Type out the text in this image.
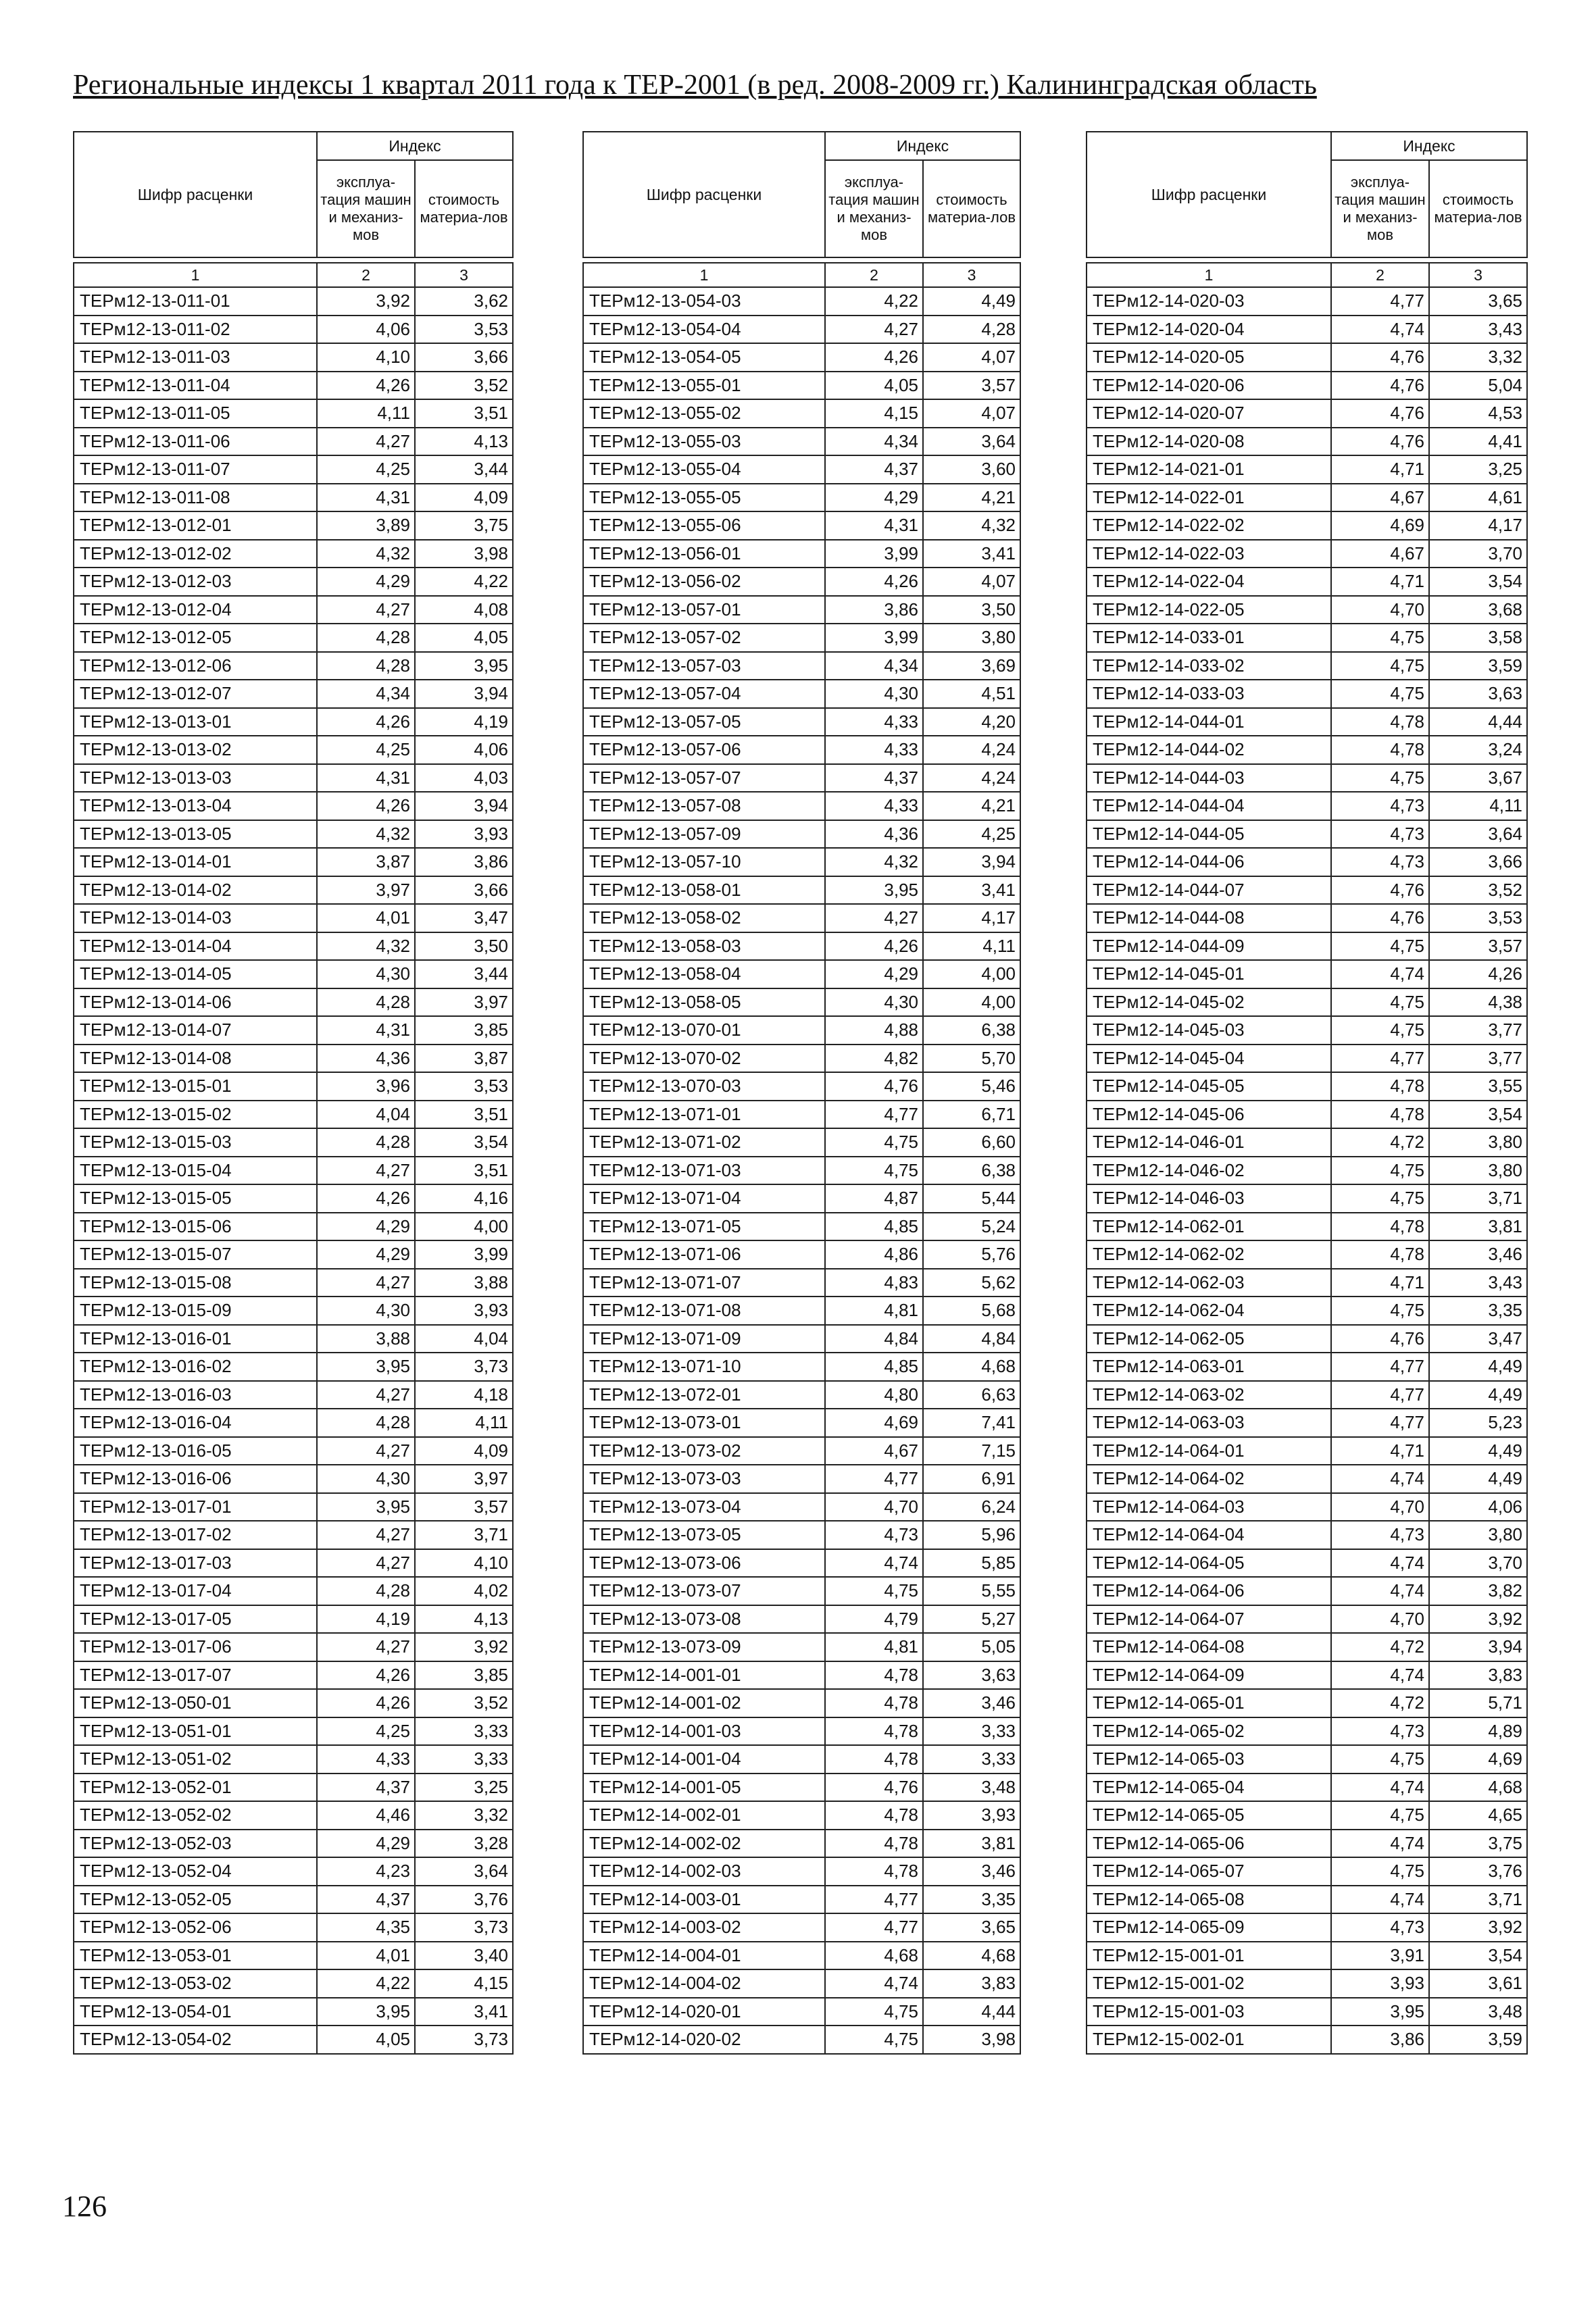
Региональные индексы 1 квартал 2011 года к ТЕР-2001 (в ред. 2008-2009 гг.) Калининградская область
Шифр расценки	Индекс	
	эксплуа-тация машин и механиз-мов	стоимость материа-лов

1	2	3
ТЕРм12-13-011-01	3,92	3,62
ТЕРм12-13-011-02	4,06	3,53
ТЕРм12-13-011-03	4,10	3,66
ТЕРм12-13-011-04	4,26	3,52
ТЕРм12-13-011-05	4,11	3,51
ТЕРм12-13-011-06	4,27	4,13
ТЕРм12-13-011-07	4,25	3,44
ТЕРм12-13-011-08	4,31	4,09
ТЕРм12-13-012-01	3,89	3,75
ТЕРм12-13-012-02	4,32	3,98
ТЕРм12-13-012-03	4,29	4,22
ТЕРм12-13-012-04	4,27	4,08
ТЕРм12-13-012-05	4,28	4,05
ТЕРм12-13-012-06	4,28	3,95
ТЕРм12-13-012-07	4,34	3,94
ТЕРм12-13-013-01	4,26	4,19
ТЕРм12-13-013-02	4,25	4,06
ТЕРм12-13-013-03	4,31	4,03
ТЕРм12-13-013-04	4,26	3,94
ТЕРм12-13-013-05	4,32	3,93
ТЕРм12-13-014-01	3,87	3,86
ТЕРм12-13-014-02	3,97	3,66
ТЕРм12-13-014-03	4,01	3,47
ТЕРм12-13-014-04	4,32	3,50
ТЕРм12-13-014-05	4,30	3,44
ТЕРм12-13-014-06	4,28	3,97
ТЕРм12-13-014-07	4,31	3,85
ТЕРм12-13-014-08	4,36	3,87
ТЕРм12-13-015-01	3,96	3,53
ТЕРм12-13-015-02	4,04	3,51
ТЕРм12-13-015-03	4,28	3,54
ТЕРм12-13-015-04	4,27	3,51
ТЕРм12-13-015-05	4,26	4,16
ТЕРм12-13-015-06	4,29	4,00
ТЕРм12-13-015-07	4,29	3,99
ТЕРм12-13-015-08	4,27	3,88
ТЕРм12-13-015-09	4,30	3,93
ТЕРм12-13-016-01	3,88	4,04
ТЕРм12-13-016-02	3,95	3,73
ТЕРм12-13-016-03	4,27	4,18
ТЕРм12-13-016-04	4,28	4,11
ТЕРм12-13-016-05	4,27	4,09
ТЕРм12-13-016-06	4,30	3,97
ТЕРм12-13-017-01	3,95	3,57
ТЕРм12-13-017-02	4,27	3,71
ТЕРм12-13-017-03	4,27	4,10
ТЕРм12-13-017-04	4,28	4,02
ТЕРм12-13-017-05	4,19	4,13
ТЕРм12-13-017-06	4,27	3,92
ТЕРм12-13-017-07	4,26	3,85
ТЕРм12-13-050-01	4,26	3,52
ТЕРм12-13-051-01	4,25	3,33
ТЕРм12-13-051-02	4,33	3,33
ТЕРм12-13-052-01	4,37	3,25
ТЕРм12-13-052-02	4,46	3,32
ТЕРм12-13-052-03	4,29	3,28
ТЕРм12-13-052-04	4,23	3,64
ТЕРм12-13-052-05	4,37	3,76
ТЕРм12-13-052-06	4,35	3,73
ТЕРм12-13-053-01	4,01	3,40
ТЕРм12-13-053-02	4,22	4,15
ТЕРм12-13-054-01	3,95	3,41
ТЕРм12-13-054-02	4,05	3,73
Шифр расценки	Индекс	
	эксплуа-тация машин и механиз-мов	стоимость материа-лов

1	2	3
ТЕРм12-13-054-03	4,22	4,49
ТЕРм12-13-054-04	4,27	4,28
ТЕРм12-13-054-05	4,26	4,07
ТЕРм12-13-055-01	4,05	3,57
ТЕРм12-13-055-02	4,15	4,07
ТЕРм12-13-055-03	4,34	3,64
ТЕРм12-13-055-04	4,37	3,60
ТЕРм12-13-055-05	4,29	4,21
ТЕРм12-13-055-06	4,31	4,32
ТЕРм12-13-056-01	3,99	3,41
ТЕРм12-13-056-02	4,26	4,07
ТЕРм12-13-057-01	3,86	3,50
ТЕРм12-13-057-02	3,99	3,80
ТЕРм12-13-057-03	4,34	3,69
ТЕРм12-13-057-04	4,30	4,51
ТЕРм12-13-057-05	4,33	4,20
ТЕРм12-13-057-06	4,33	4,24
ТЕРм12-13-057-07	4,37	4,24
ТЕРм12-13-057-08	4,33	4,21
ТЕРм12-13-057-09	4,36	4,25
ТЕРм12-13-057-10	4,32	3,94
ТЕРм12-13-058-01	3,95	3,41
ТЕРм12-13-058-02	4,27	4,17
ТЕРм12-13-058-03	4,26	4,11
ТЕРм12-13-058-04	4,29	4,00
ТЕРм12-13-058-05	4,30	4,00
ТЕРм12-13-070-01	4,88	6,38
ТЕРм12-13-070-02	4,82	5,70
ТЕРм12-13-070-03	4,76	5,46
ТЕРм12-13-071-01	4,77	6,71
ТЕРм12-13-071-02	4,75	6,60
ТЕРм12-13-071-03	4,75	6,38
ТЕРм12-13-071-04	4,87	5,44
ТЕРм12-13-071-05	4,85	5,24
ТЕРм12-13-071-06	4,86	5,76
ТЕРм12-13-071-07	4,83	5,62
ТЕРм12-13-071-08	4,81	5,68
ТЕРм12-13-071-09	4,84	4,84
ТЕРм12-13-071-10	4,85	4,68
ТЕРм12-13-072-01	4,80	6,63
ТЕРм12-13-073-01	4,69	7,41
ТЕРм12-13-073-02	4,67	7,15
ТЕРм12-13-073-03	4,77	6,91
ТЕРм12-13-073-04	4,70	6,24
ТЕРм12-13-073-05	4,73	5,96
ТЕРм12-13-073-06	4,74	5,85
ТЕРм12-13-073-07	4,75	5,55
ТЕРм12-13-073-08	4,79	5,27
ТЕРм12-13-073-09	4,81	5,05
ТЕРм12-14-001-01	4,78	3,63
ТЕРм12-14-001-02	4,78	3,46
ТЕРм12-14-001-03	4,78	3,33
ТЕРм12-14-001-04	4,78	3,33
ТЕРм12-14-001-05	4,76	3,48
ТЕРм12-14-002-01	4,78	3,93
ТЕРм12-14-002-02	4,78	3,81
ТЕРм12-14-002-03	4,78	3,46
ТЕРм12-14-003-01	4,77	3,35
ТЕРм12-14-003-02	4,77	3,65
ТЕРм12-14-004-01	4,68	4,68
ТЕРм12-14-004-02	4,74	3,83
ТЕРм12-14-020-01	4,75	4,44
ТЕРм12-14-020-02	4,75	3,98
Шифр расценки	Индекс	
	эксплуа-тация машин и механиз-мов	стоимость материа-лов

1	2	3
ТЕРм12-14-020-03	4,77	3,65
ТЕРм12-14-020-04	4,74	3,43
ТЕРм12-14-020-05	4,76	3,32
ТЕРм12-14-020-06	4,76	5,04
ТЕРм12-14-020-07	4,76	4,53
ТЕРм12-14-020-08	4,76	4,41
ТЕРм12-14-021-01	4,71	3,25
ТЕРм12-14-022-01	4,67	4,61
ТЕРм12-14-022-02	4,69	4,17
ТЕРм12-14-022-03	4,67	3,70
ТЕРм12-14-022-04	4,71	3,54
ТЕРм12-14-022-05	4,70	3,68
ТЕРм12-14-033-01	4,75	3,58
ТЕРм12-14-033-02	4,75	3,59
ТЕРм12-14-033-03	4,75	3,63
ТЕРм12-14-044-01	4,78	4,44
ТЕРм12-14-044-02	4,78	3,24
ТЕРм12-14-044-03	4,75	3,67
ТЕРм12-14-044-04	4,73	4,11
ТЕРм12-14-044-05	4,73	3,64
ТЕРм12-14-044-06	4,73	3,66
ТЕРм12-14-044-07	4,76	3,52
ТЕРм12-14-044-08	4,76	3,53
ТЕРм12-14-044-09	4,75	3,57
ТЕРм12-14-045-01	4,74	4,26
ТЕРм12-14-045-02	4,75	4,38
ТЕРм12-14-045-03	4,75	3,77
ТЕРм12-14-045-04	4,77	3,77
ТЕРм12-14-045-05	4,78	3,55
ТЕРм12-14-045-06	4,78	3,54
ТЕРм12-14-046-01	4,72	3,80
ТЕРм12-14-046-02	4,75	3,80
ТЕРм12-14-046-03	4,75	3,71
ТЕРм12-14-062-01	4,78	3,81
ТЕРм12-14-062-02	4,78	3,46
ТЕРм12-14-062-03	4,71	3,43
ТЕРм12-14-062-04	4,75	3,35
ТЕРм12-14-062-05	4,76	3,47
ТЕРм12-14-063-01	4,77	4,49
ТЕРм12-14-063-02	4,77	4,49
ТЕРм12-14-063-03	4,77	5,23
ТЕРм12-14-064-01	4,71	4,49
ТЕРм12-14-064-02	4,74	4,49
ТЕРм12-14-064-03	4,70	4,06
ТЕРм12-14-064-04	4,73	3,80
ТЕРм12-14-064-05	4,74	3,70
ТЕРм12-14-064-06	4,74	3,82
ТЕРм12-14-064-07	4,70	3,92
ТЕРм12-14-064-08	4,72	3,94
ТЕРм12-14-064-09	4,74	3,83
ТЕРм12-14-065-01	4,72	5,71
ТЕРм12-14-065-02	4,73	4,89
ТЕРм12-14-065-03	4,75	4,69
ТЕРм12-14-065-04	4,74	4,68
ТЕРм12-14-065-05	4,75	4,65
ТЕРм12-14-065-06	4,74	3,75
ТЕРм12-14-065-07	4,75	3,76
ТЕРм12-14-065-08	4,74	3,71
ТЕРм12-14-065-09	4,73	3,92
ТЕРм12-15-001-01	3,91	3,54
ТЕРм12-15-001-02	3,93	3,61
ТЕРм12-15-001-03	3,95	3,48
ТЕРм12-15-002-01	3,86	3,59
126
